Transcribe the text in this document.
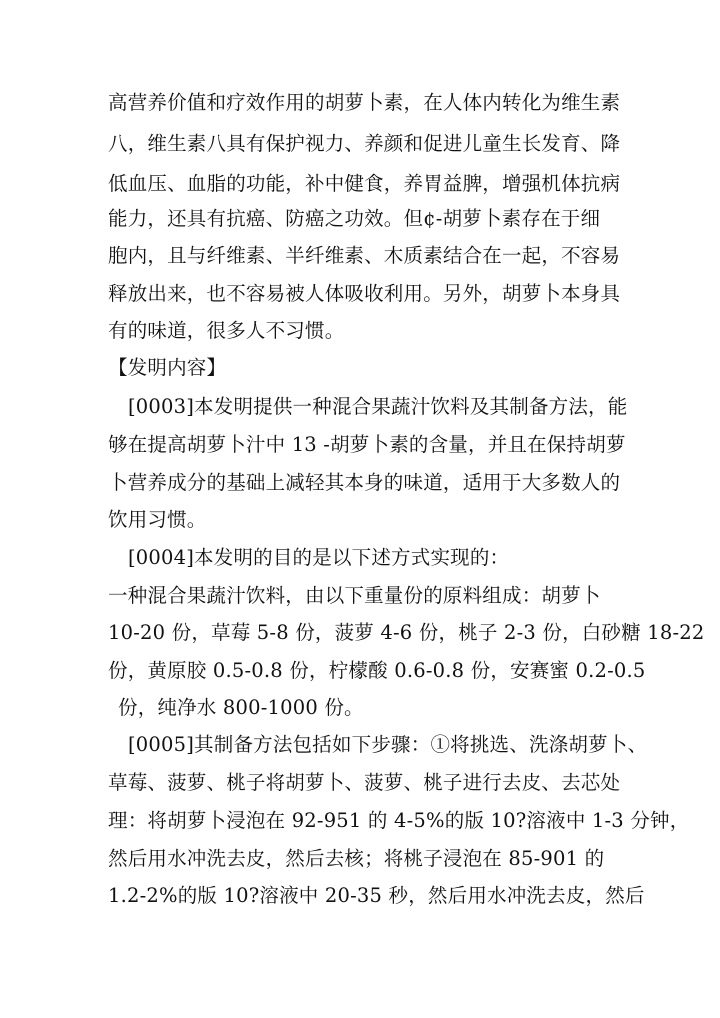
高营养价值和疗效作用的胡萝卜素，在人体内转化为维生素
八，维生素八具有保护视力、养颜和促进儿童生长发育、降
低血压、血脂的功能，补中健食，养胃益脾，增强机体抗病
能力，还具有抗癌、防癌之功效。但¢-胡萝卜素存在于细
胞内，且与纤维素、半纤维素、木质素结合在一起，不容易
释放出来，也不容易被人体吸收利用。另外，胡萝卜本身具
有的味道，很多人不习惯。
【发明内容】
[0003]本发明提供一种混合果蔬汁饮料及其制备方法，能
够在提高胡萝卜汁中 13 -胡萝卜素的含量，并且在保持胡萝
卜营养成分的基础上减轻其本身的味道，适用于大多数人的
饮用习惯。
[0004]本发明的目的是以下述方式实现的：
一种混合果蔬汁饮料，由以下重量份的原料组成：胡萝卜
10-20 份，草莓 5-8 份，菠萝 4-6 份，桃子 2-3 份，白砂糖 18-22
份，黄原胶 0.5-0.8 份，柠檬酸 0.6-0.8 份，安赛蜜 0.2-0.5
份，纯净水 800-1000 份。
[0005]其制备方法包括如下步骤：①将挑选、洗涤胡萝卜、
草莓、菠萝、桃子将胡萝卜、菠萝、桃子进行去皮、去芯处
理：将胡萝卜浸泡在 92-951 的 4-5%的版 10?溶液中 1-3 分钟，
然后用水冲洗去皮，然后去核；将桃子浸泡在 85-901 的
1.2-2%的版 10?溶液中 20-35 秒，然后用水冲洗去皮，然后
